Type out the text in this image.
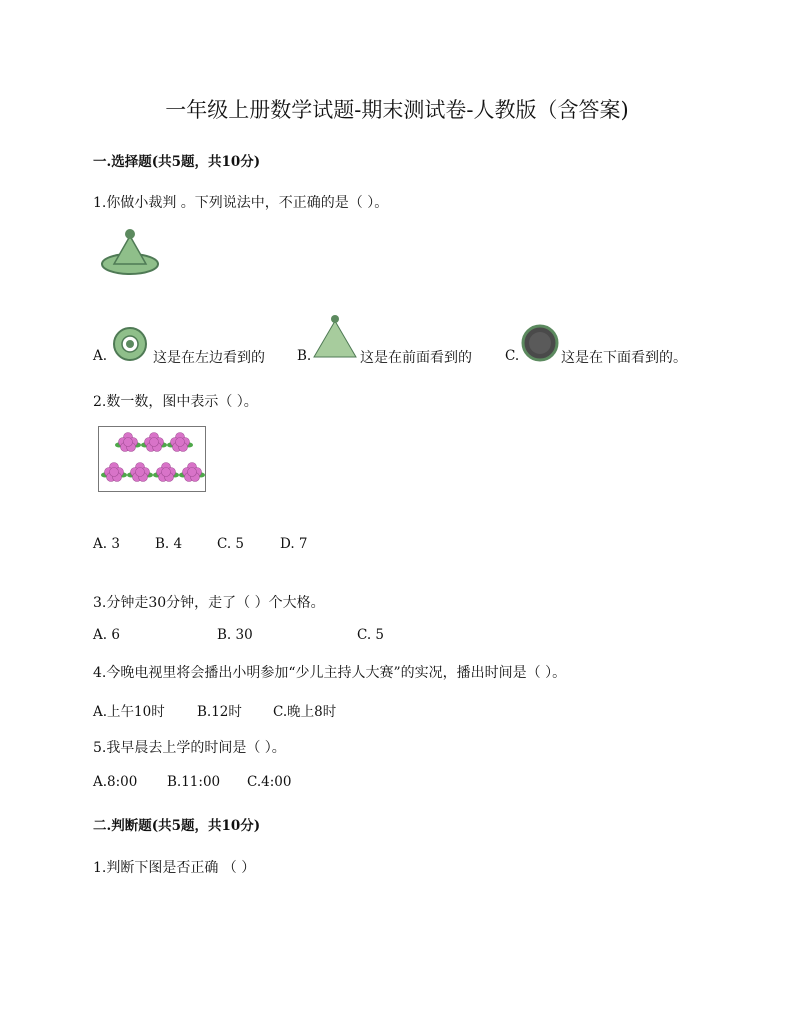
一年级上册数学试题-期末测试卷-人教版（含答案)
一.选择题(共5题，共10分)
1.你做小裁判 。下列说法中，不正确的是（ ）。
A.	这是在左边看到的 B.	这是在前面看到的 C.	这是在下面看到的。
2.数一数，图中表示（ ）。
A. 3	B. 4	C. 5	D. 7
3.分钟走30分钟，走了（ ）个大格。
A. 6	B. 30	C. 5
4.今晚电视里将会播出小明参加“少儿主持人大赛”的实况，播出时间是（ ）。
A.上午10时 B.12时 C.晚上8时
5.我早晨去上学的时间是（ ）。
A.8:00 B.11:00 C.4:00
二.判断题(共5题，共10分)
1.判断下图是否正确 （ ）
